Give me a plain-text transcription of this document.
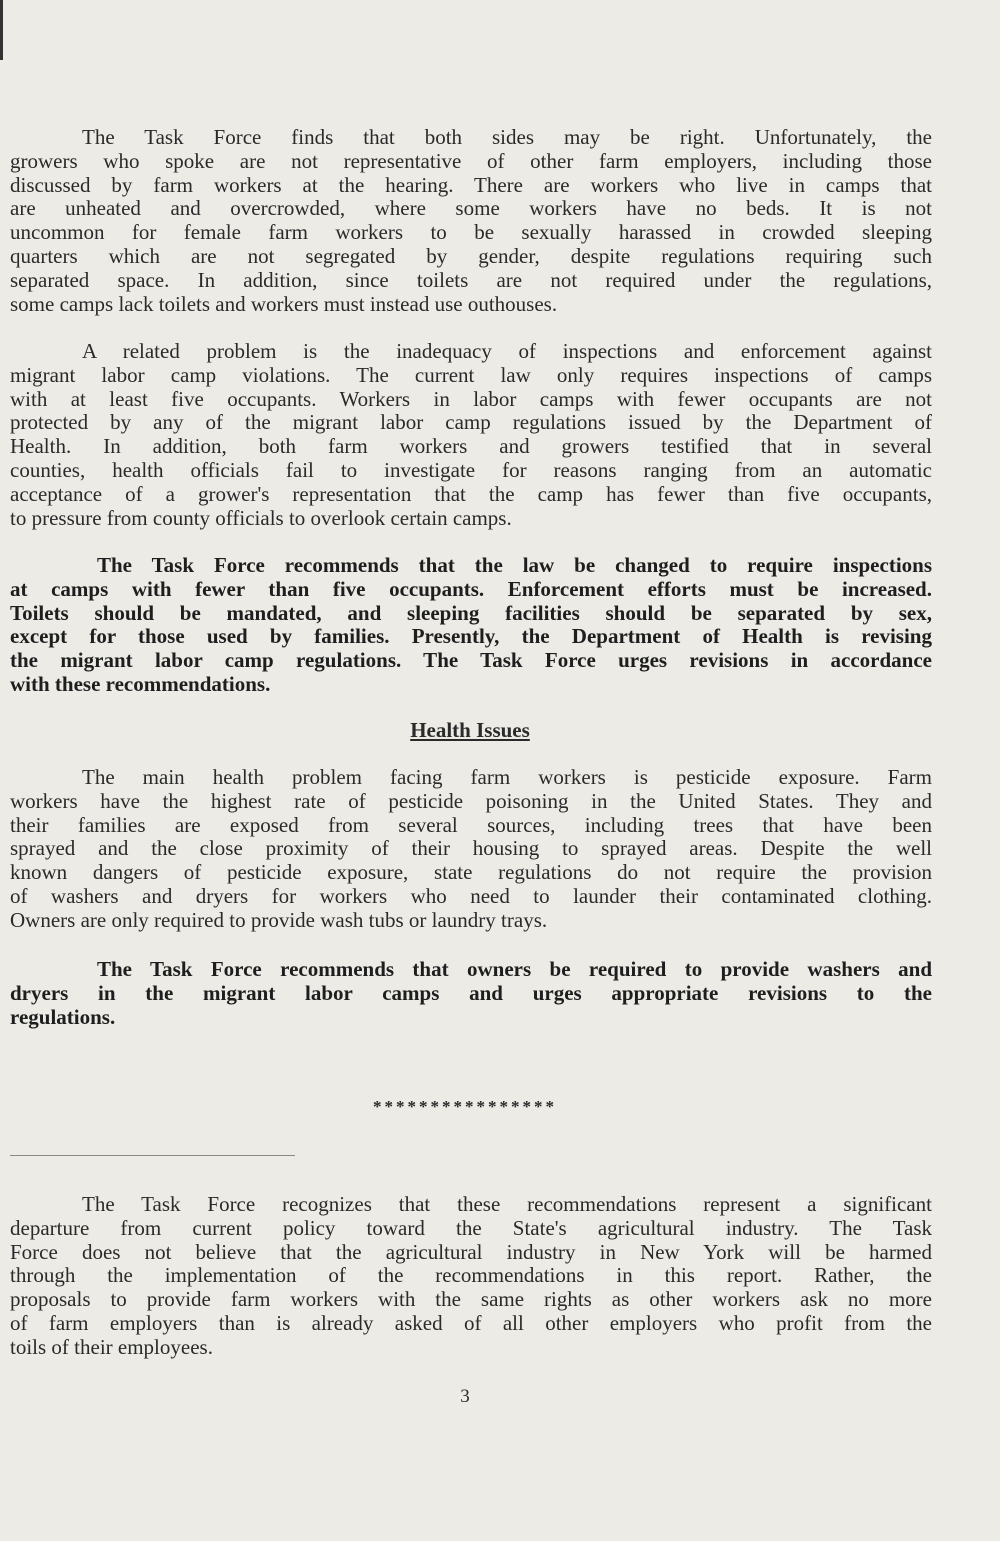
The Task Force finds that both sides may be right. Unfortunately, the
growers who spoke are not representative of other farm employers, including those
discussed by farm workers at the hearing. There are workers who live in camps that
are unheated and overcrowded, where some workers have no beds. It is not
uncommon for female farm workers to be sexually harassed in crowded sleeping
quarters which are not segregated by gender, despite regulations requiring such
separated space. In addition, since toilets are not required under the regulations,
some camps lack toilets and workers must instead use outhouses.
A related problem is the inadequacy of inspections and enforcement against
migrant labor camp violations. The current law only requires inspections of camps
with at least five occupants. Workers in labor camps with fewer occupants are not
protected by any of the migrant labor camp regulations issued by the Department of
Health. In addition, both farm workers and growers testified that in several
counties, health officials fail to investigate for reasons ranging from an automatic
acceptance of a grower's representation that the camp has fewer than five occupants,
to pressure from county officials to overlook certain camps.
The Task Force recommends that the law be changed to require inspections
at camps with fewer than five occupants. Enforcement efforts must be increased.
Toilets should be mandated, and sleeping facilities should be separated by sex,
except for those used by families. Presently, the Department of Health is revising
the migrant labor camp regulations. The Task Force urges revisions in accordance
with these recommendations.
Health Issues
The main health problem facing farm workers is pesticide exposure. Farm
workers have the highest rate of pesticide poisoning in the United States. They and
their families are exposed from several sources, including trees that have been
sprayed and the close proximity of their housing to sprayed areas. Despite the well
known dangers of pesticide exposure, state regulations do not require the provision
of washers and dryers for workers who need to launder their contaminated clothing.
Owners are only required to provide wash tubs or laundry trays.
The Task Force recommends that owners be required to provide washers and
dryers in the migrant labor camps and urges appropriate revisions to the
regulations.
****************
The Task Force recognizes that these recommendations represent a significant
departure from current policy toward the State's agricultural industry. The Task
Force does not believe that the agricultural industry in New York will be harmed
through the implementation of the recommendations in this report. Rather, the
proposals to provide farm workers with the same rights as other workers ask no more
of farm employers than is already asked of all other employers who profit from the
toils of their employees.
3
